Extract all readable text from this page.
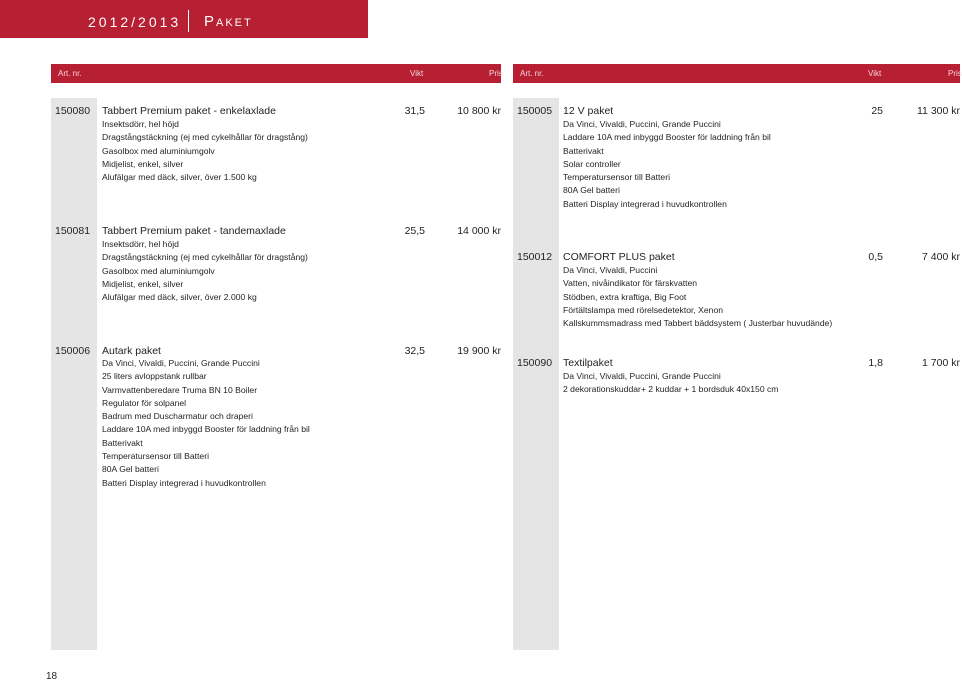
2012/2013 Paket
Art. nr.	Vikt	Pris Art. nr.	Vikt	Pris
150080 Tabbert Premium paket - enkelaxlade	31,5	10 800 kr
Insektsdörr, hel höjd
Dragstångstäckning (ej med cykelhållar för dragstång)
Gasolbox med aluminiumgolv
Midjelist, enkel, silver
Alufälgar med däck, silver, över 1.500 kg
150081 Tabbert Premium paket - tandemaxlade	25,5	14 000 kr
Insektsdörr, hel höjd
Dragstångstäckning (ej med cykelhållar för dragstång)
Gasolbox med aluminiumgolv
Midjelist, enkel, silver
Alufälgar med däck, silver, över 2.000 kg
150006 Autark paket	32,5	19 900 kr
Da Vinci, Vivaldi, Puccini, Grande Puccini
25 liters avloppstank rullbar
Varmvattenberedare Truma BN 10 Boiler
Regulator för solpanel
Badrum med Duscharmatur och draperi
Laddare 10A med inbyggd Booster för laddning från bil
Batterivakt
Temperatursensor till Batteri
80A Gel batteri
Batteri Display integrerad i huvudkontrollen
150005 12 V paket	25	11 300 kr
Da Vinci, Vivaldi, Puccini, Grande Puccini
Laddare 10A med inbyggd Booster för laddning från bil
Batterivakt
Solar controller
Temperatursensor till Batteri
80A Gel batteri
Batteri Display integrerad i huvudkontrollen
150012 COMFORT PLUS paket	0,5	7 400 kr
Da Vinci, Vivaldi, Puccini
Vatten, nivåindikator för färskvatten
Stödben, extra kraftiga, Big Foot
Förtältslampa med rörelsedetektor, Xenon
Kallskummsmadrass med Tabbert bäddsystem ( Justerbar huvudände)
150090 Textilpaket	1,8	1 700 kr
Da Vinci, Vivaldi, Puccini, Grande Puccini
2 dekorationskuddar+ 2 kuddar + 1 bordsduk 40x150 cm
18
